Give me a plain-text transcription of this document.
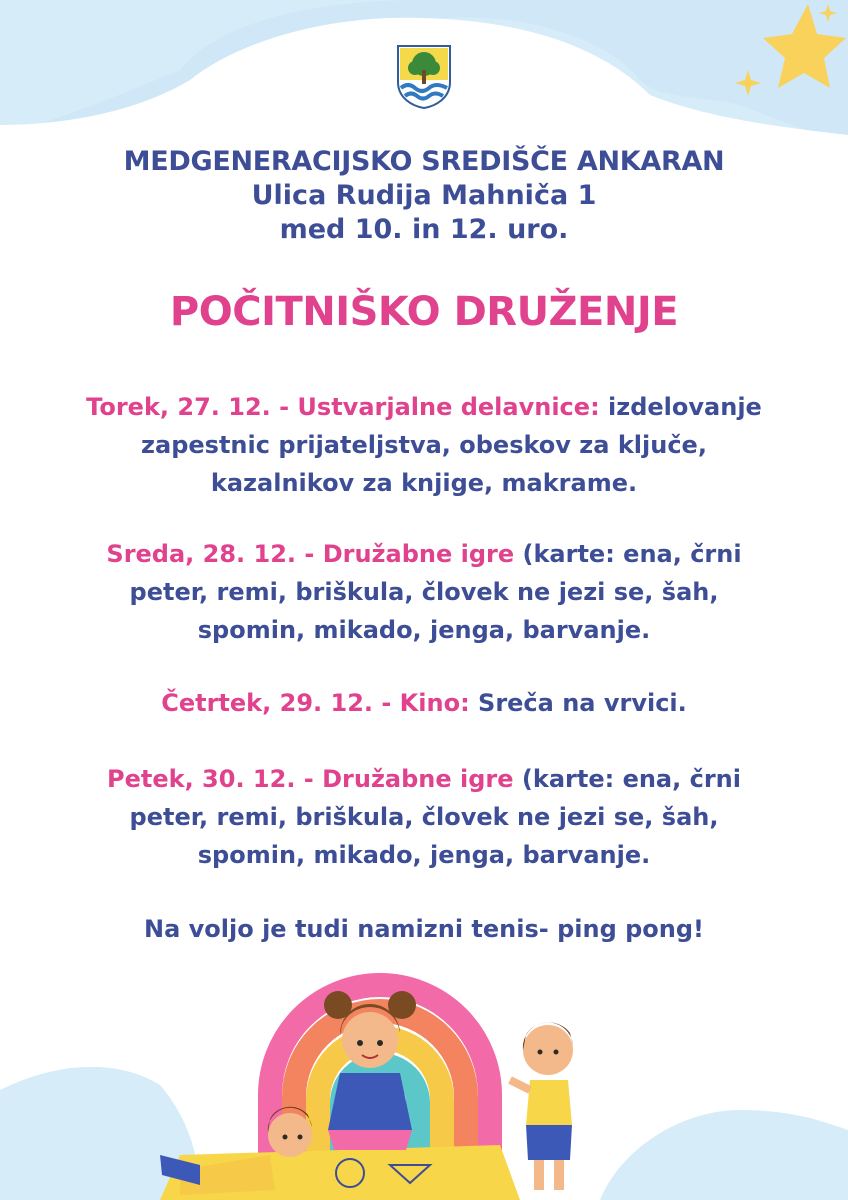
MEDGENERACIJSKO SREDIŠČE ANKARAN
Ulica Rudija Mahniča 1
med 10. in 12. uro.
POČITNIŠKO DRUŽENJE
Torek, 27. 12. - Ustvarjalne delavnice: izdelovanje
zapestnic prijateljstva, obeskov za ključe,
kazalnikov za knjige, makrame.
Sreda, 28. 12. - Družabne igre (karte: ena, črni
peter, remi, briškula, človek ne jezi se, šah,
spomin, mikado, jenga, barvanje.
Četrtek, 29. 12. - Kino: Sreča na vrvici.
Petek, 30. 12. - Družabne igre (karte: ena, črni
peter, remi, briškula, človek ne jezi se, šah,
spomin, mikado, jenga, barvanje.
Na voljo je tudi namizni tenis- ping pong!
